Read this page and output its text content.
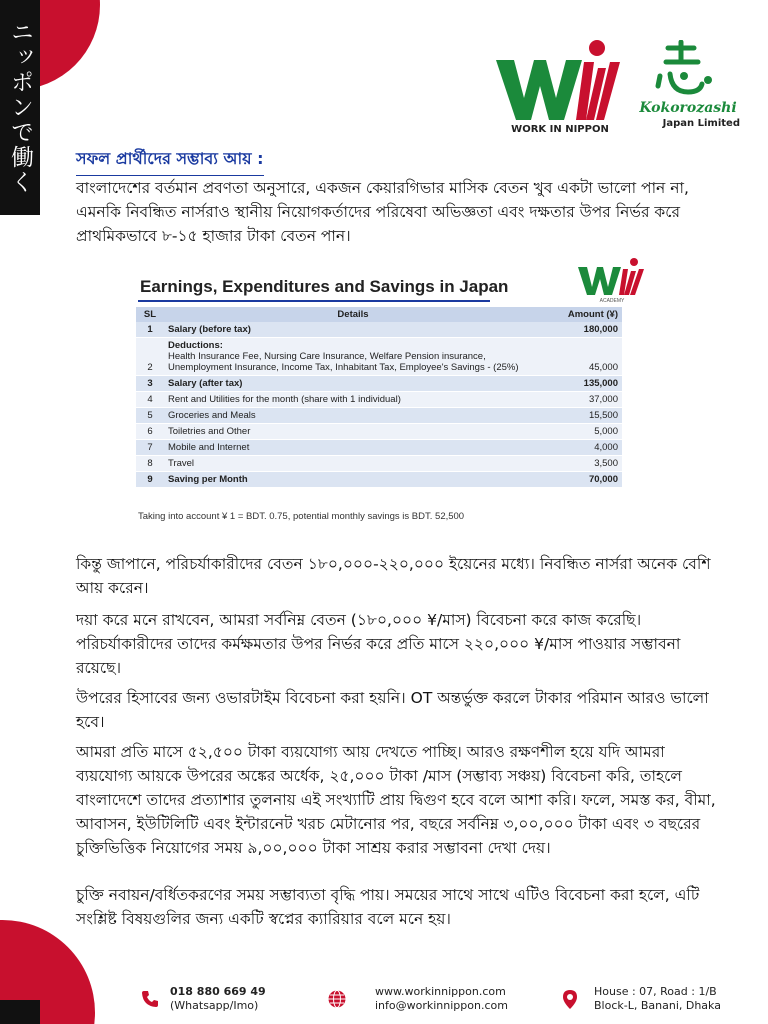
ニッポンで働く	WORK IN NIPPON
Kokorozashi
Japan Limited
সফল প্রার্থীদের সম্ভাব্য আয় :

বাংলাদেশের বর্তমান প্রবণতা অনুসারে, একজন কেয়ারগিভার মাসিক বেতন খুব একটা ভালো পান না, এমনকি নিবন্ধিত নার্সরাও স্থানীয় নিয়োগকর্তাদের পরিষেবা অভিজ্ঞতা এবং দক্ষতার উপর নির্ভর করে প্রাথমিকভাবে ৮-১৫ হাজার টাকা বেতন পান।

ACADEMY
Earnings, Expenditures and Savings in Japan
SL	Details	Amount (¥)
1	Salary (before tax)	180,000
2	Deductions:
Health Insurance Fee, Nursing Care Insurance, Welfare Pension insurance,
Unemployment Insurance, Income Tax, Inhabitant Tax, Employee's Savings - (25%)	45,000
3	Salary (after tax)	135,000
4	Rent and Utilities for the month (share with 1 individual)	37,000
5	Groceries and Meals	15,500
6	Toiletries and Other	5,000
7	Mobile and Internet	4,000
8	Travel	3,500
9	Saving per Month	70,000
Taking into account ¥ 1 = BDT. 0.75, potential monthly savings is BDT. 52,500

কিন্তু জাপানে, পরিচর্যাকারীদের বেতন ১৮০,০০০-২২০,০০০ ইয়েনের মধ্যে। নিবন্ধিত নার্সরা অনেক বেশি আয় করেন।

দয়া করে মনে রাখবেন, আমরা সর্বনিম্ন বেতন (১৮০,০০০ ¥/মাস) বিবেচনা করে কাজ করেছি। পরিচর্যাকারীদের তাদের কর্মক্ষমতার উপর নির্ভর করে প্রতি মাসে ২২০,০০০ ¥/মাস পাওয়ার সম্ভাবনা রয়েছে।

উপরের হিসাবের জন্য ওভারটাইম বিবেচনা করা হয়নি। OT অন্তর্ভুক্ত করলে টাকার পরিমান আরও ভালো হবে।

আমরা প্রতি মাসে ৫২,৫০০ টাকা ব্যয়যোগ্য আয় দেখতে পাচ্ছি। আরও রক্ষণশীল হয়ে যদি আমরা ব্যয়যোগ্য আয়কে উপরের অঙ্কের অর্ধেক, ২৫,০০০ টাকা /মাস (সম্ভাব্য সঞ্চয়) বিবেচনা করি, তাহলে বাংলাদেশে তাদের প্রত্যাশার তুলনায় এই সংখ্যাটি প্রায় দ্বিগুণ হবে বলে আশা করি। ফলে, সমস্ত কর, বীমা, আবাসন, ইউটিলিটি এবং ইন্টারনেট খরচ মেটানোর পর, বছরে সর্বনিম্ন ৩,০০,০০০ টাকা এবং ৩ বছরের চুক্তিভিত্তিক নিয়োগের সময় ৯,০০,০০০ টাকা সাশ্রয় করার সম্ভাবনা দেখা দেয়।

চুক্তি নবায়ন/বর্ধিতকরণের সময় সম্ভাব্যতা বৃদ্ধি পায়। সময়ের সাথে সাথে এটিও বিবেচনা করা হলে, এটি সংশ্লিষ্ট বিষয়গুলির জন্য একটি স্বপ্নের ক্যারিয়ার বলে মনে হয়।

018 880 669 49
(Whatsapp/Imo)
www.workinnippon.com
info@workinnippon.com
House : 07, Road : 1/B
Block-L, Banani, Dhaka
